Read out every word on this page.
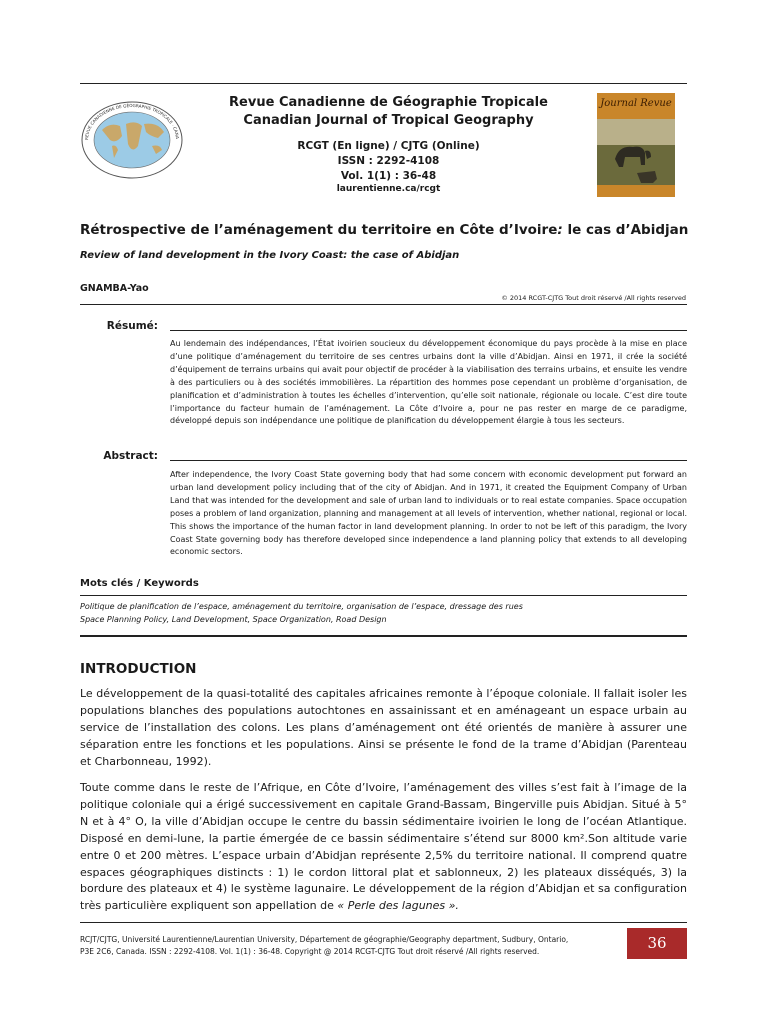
REVUE CANADIENNE DE GÉOGRAPHIE TROPICALE · CANA
Revue Canadienne de Géographie Tropicale
Canadian Journal of Tropical Geography
RCGT (En ligne) / CJTG (Online)
ISSN : 2292-4108
Vol. 1(1) : 36-48
laurentienne.ca/rcgt
Journal Revue
Rétrospective de l’aménagement du territoire en Côte d’Ivoire: le cas d’Abidjan
Review of land development in the Ivory Coast: the case of Abidjan
GNAMBA-Yao
© 2014 RCGT-CJTG Tout droit réservé /All rights reserved
Résumé:
Au lendemain des indépendances, l’État ivoirien soucieux du développement économique du pays procède à la mise en place d’une politique d’aménagement du territoire de ses centres urbains dont la ville d’Abidjan. Ainsi en 1971, il crée la société d’équipement de terrains urbains qui avait pour objectif de procéder à la viabilisation des terrains urbains, et ensuite les vendre à des particuliers ou à des sociétés immobilières. La répartition des hommes pose cependant un problème d’organisation, de planification et d’administration à toutes les échelles d’intervention, qu’elle soit nationale, régionale ou locale. C’est dire toute l’importance du facteur humain de l’aménagement. La Côte d’Ivoire a, pour ne pas rester en marge de ce paradigme, développé depuis son indépendance une politique de planification du développement élargie à tous les secteurs.
Abstract:
After independence, the Ivory Coast State governing body that had some concern with economic development put forward an urban land development policy including that of the city of Abidjan. And in 1971, it created the Equipment Company of Urban Land that was intended for the development and sale of urban land to individuals or to real estate companies. Space occupation poses a problem of land organization, planning and management at all levels of intervention, whether national, regional or local. This shows the importance of the human factor in land development planning. In order to not be left of this paradigm, the Ivory Coast State governing body has therefore developed since independence a land planning policy that extends to all developing economic sectors.
Mots clés / Keywords
Politique de planification de l’espace, aménagement du territoire, organisation de l’espace, dressage des rues
Space Planning Policy, Land Development, Space Organization, Road Design
INTRODUCTION
Le développement de la quasi-totalité des capitales africaines remonte à l’époque coloniale. Il fallait isoler les populations blanches des populations autochtones en assainissant et en aménageant un espace urbain au service de l’installation des colons. Les plans d’aménagement ont été orientés de manière à assurer une séparation entre les fonctions et les populations. Ainsi se présente le fond de la trame d’Abidjan (Parenteau et Charbonneau, 1992).
Toute comme dans le reste de l’Afrique, en Côte d’Ivoire, l’aménagement des villes s’est fait à l’image de la politique coloniale qui a érigé successivement en capitale Grand-Bassam, Bingerville puis Abidjan. Situé à 5° N et à 4° O, la ville d’Abidjan occupe le centre du bassin sédimentaire ivoirien le long de l’océan Atlantique. Disposé en demi-lune, la partie émergée de ce bassin sédimentaire s’étend sur 8000 km².Son altitude varie entre 0 et 200 mètres. L’espace urbain d’Abidjan représente 2,5% du territoire national. Il comprend quatre espaces géographiques distincts : 1) le cordon littoral plat et sablonneux, 2) les plateaux disséqués, 3) la bordure des plateaux et 4) le système lagunaire. Le développement de la région d’Abidjan et sa configuration très particulière expliquent son appellation de « Perle des lagunes ».
RCJT/CJTG, Université Laurentienne/Laurentian University, Département de géographie/Geography department, Sudbury, Ontario,
P3E 2C6, Canada. ISSN : 2292-4108. Vol. 1(1) : 36-48. Copyright @ 2014 RCGT-CJTG Tout droit réservé /All rights reserved.	36
